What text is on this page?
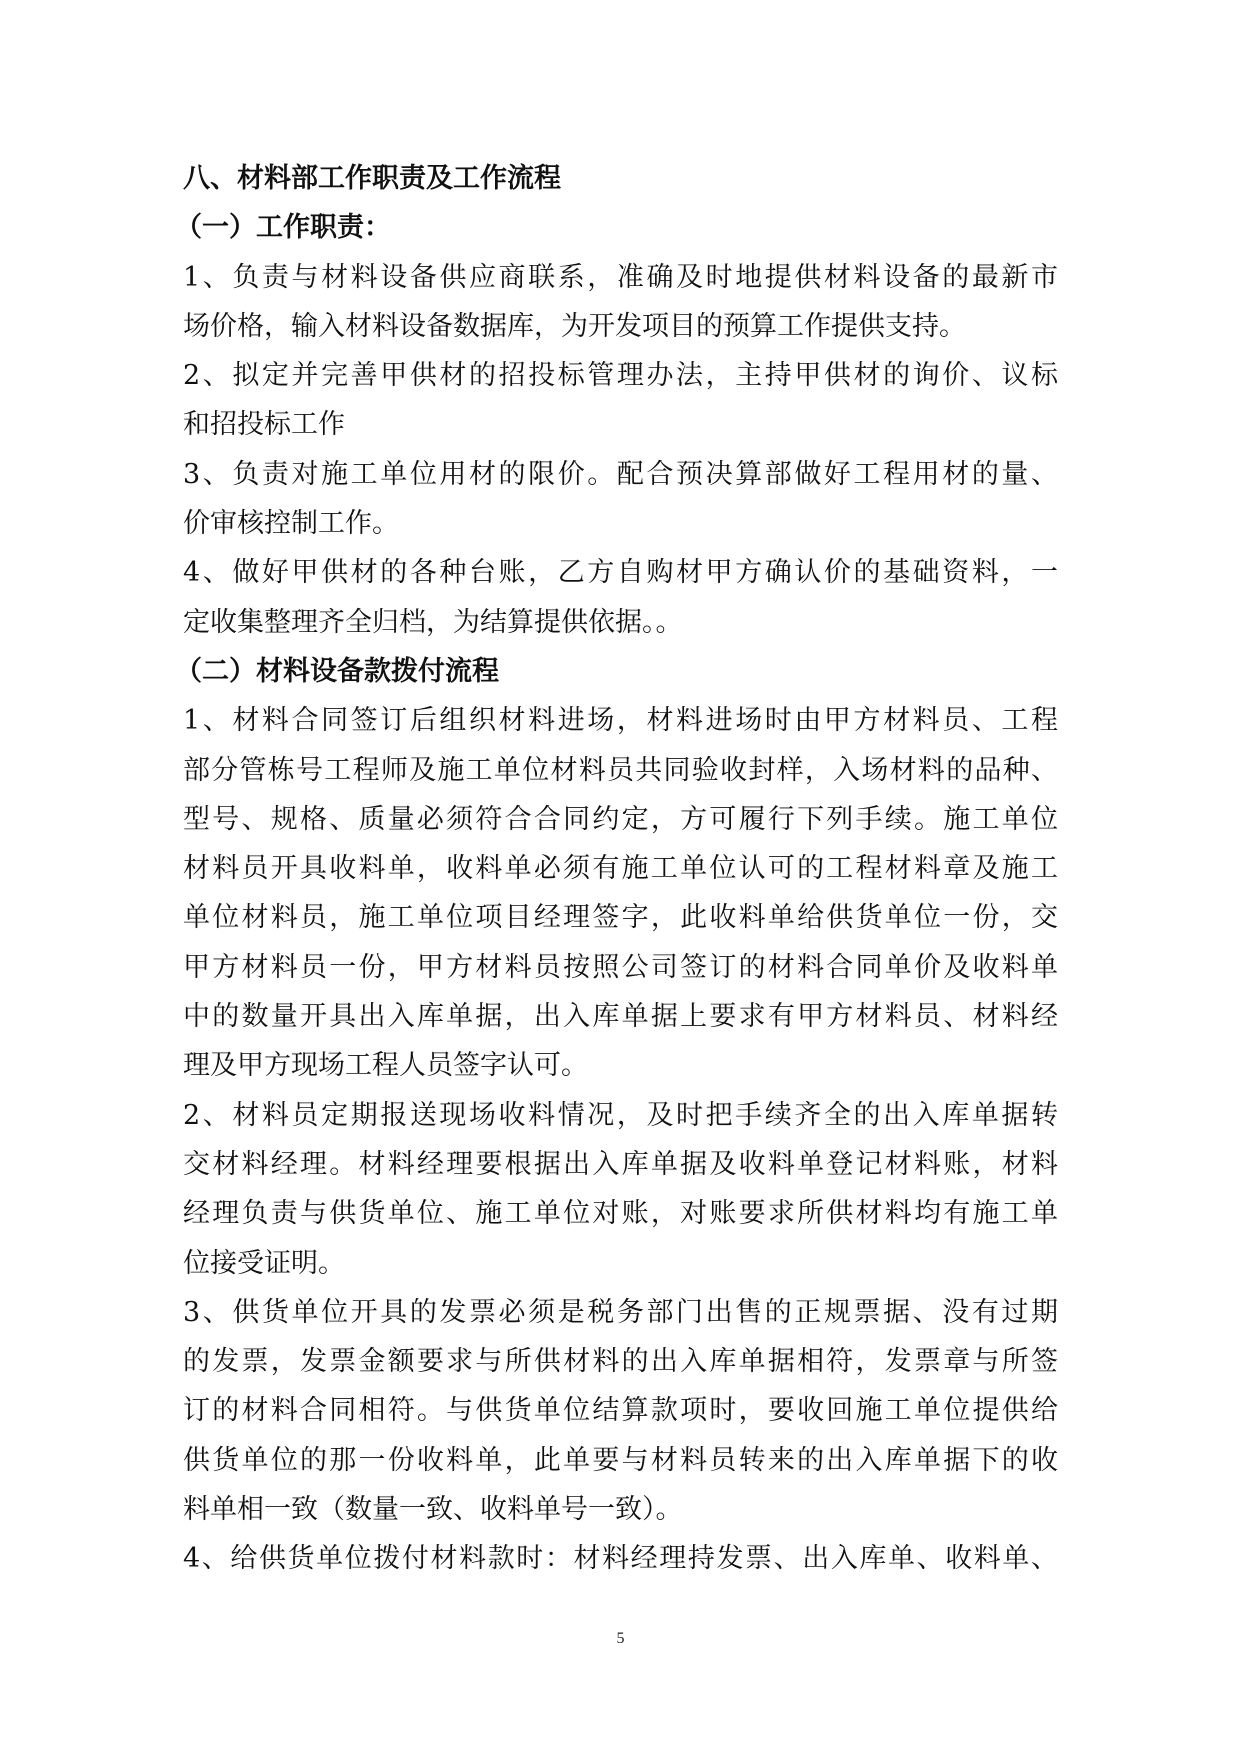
八、材料部工作职责及工作流程
（一）工作职责：
1、负责与材料设备供应商联系，准确及时地提供材料设备的最新市
场价格，输入材料设备数据库，为开发项目的预算工作提供支持。
2、拟定并完善甲供材的招投标管理办法，主持甲供材的询价、议标
和招投标工作
3、负责对施工单位用材的限价。配合预决算部做好工程用材的量、
价审核控制工作。
4、做好甲供材的各种台账，乙方自购材甲方确认价的基础资料，一
定收集整理齐全归档，为结算提供依据。。
（二）材料设备款拨付流程
1、材料合同签订后组织材料进场，材料进场时由甲方材料员、工程
部分管栋号工程师及施工单位材料员共同验收封样，入场材料的品种、
型号、规格、质量必须符合合同约定，方可履行下列手续。施工单位
材料员开具收料单，收料单必须有施工单位认可的工程材料章及施工
单位材料员，施工单位项目经理签字，此收料单给供货单位一份，交
甲方材料员一份，甲方材料员按照公司签订的材料合同单价及收料单
中的数量开具出入库单据，出入库单据上要求有甲方材料员、材料经
理及甲方现场工程人员签字认可。
2、材料员定期报送现场收料情况，及时把手续齐全的出入库单据转
交材料经理。材料经理要根据出入库单据及收料单登记材料账，材料
经理负责与供货单位、施工单位对账，对账要求所供材料均有施工单
位接受证明。
3、供货单位开具的发票必须是税务部门出售的正规票据、没有过期
的发票，发票金额要求与所供材料的出入库单据相符，发票章与所签
订的材料合同相符。与供货单位结算款项时，要收回施工单位提供给
供货单位的那一份收料单，此单要与材料员转来的出入库单据下的收
料单相一致（数量一致、收料单号一致）。
4、给供货单位拨付材料款时：材料经理持发票、出入库单、收料单、
5
